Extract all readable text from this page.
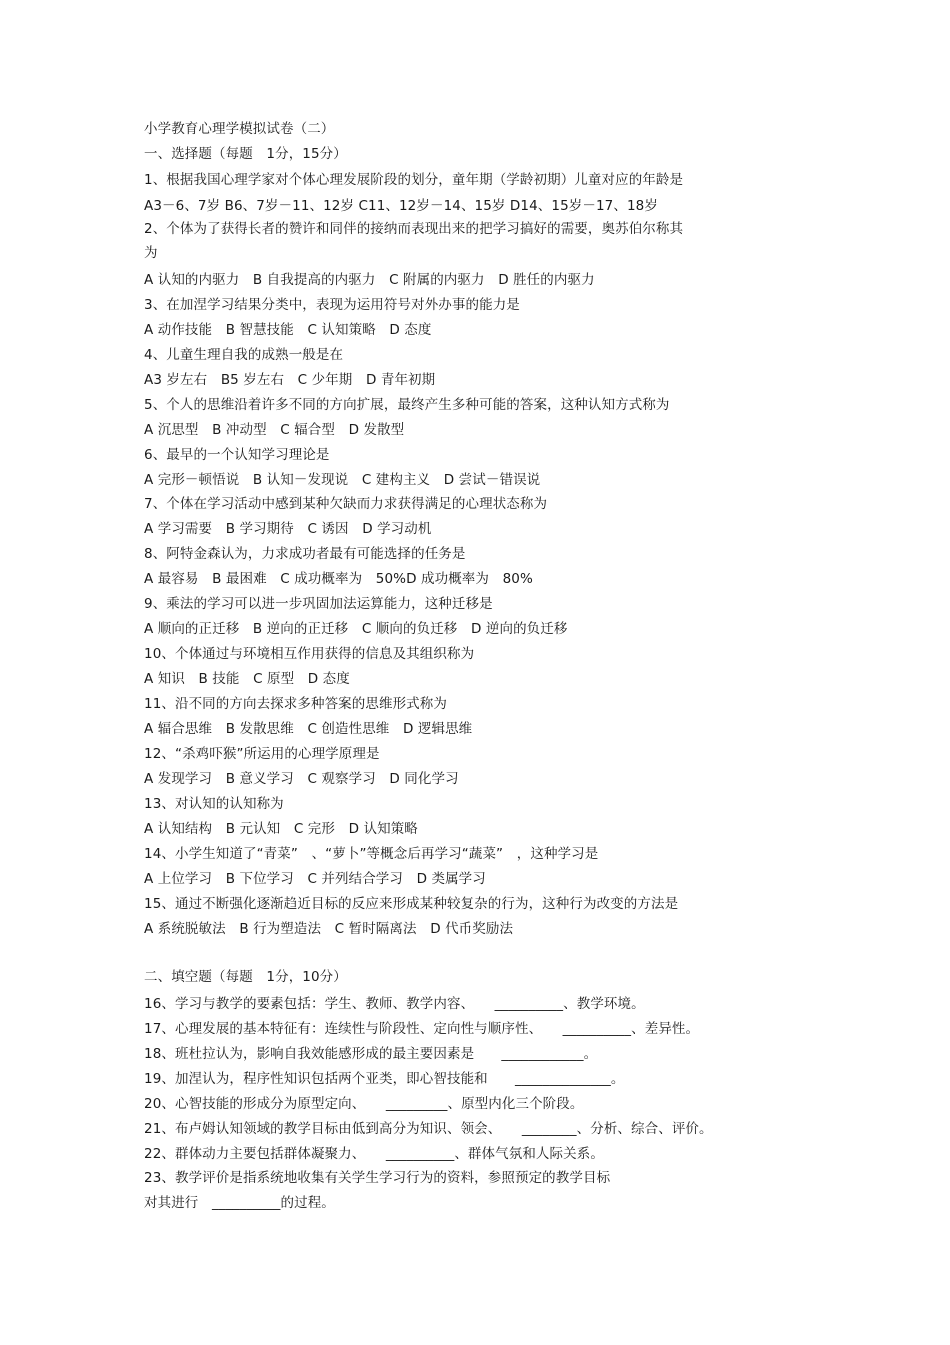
小学教育心理学模拟试卷（二）
一、选择题（每题　1分，15分）
1、根据我国心理学家对个体心理发展阶段的划分，童年期（学龄初期）儿童对应的年龄是
A3－6、7岁 B6、7岁－11、12岁 C11、12岁－14、15岁 D14、15岁－17、18岁
2、个体为了获得长者的赞许和同伴的接纳而表现出来的把学习搞好的需要，奥苏伯尔称其
为
A 认知的内驱力　B 自我提高的内驱力　C 附属的内驱力　D 胜任的内驱力
3、在加涅学习结果分类中，表现为运用符号对外办事的能力是
A 动作技能　B 智慧技能　C 认知策略　D 态度
4、儿童生理自我的成熟一般是在
A3 岁左右　B5 岁左右　C 少年期　D 青年初期
5、个人的思维沿着许多不同的方向扩展，最终产生多种可能的答案，这种认知方式称为
A 沉思型　B 冲动型　C 辐合型　D 发散型
6、最早的一个认知学习理论是
A 完形－顿悟说　B 认知－发现说　C 建构主义　D 尝试－错误说
7、个体在学习活动中感到某种欠缺而力求获得满足的心理状态称为
A 学习需要　B 学习期待　C 诱因　D 学习动机
8、阿特金森认为，力求成功者最有可能选择的任务是
A 最容易　B 最困难　C 成功概率为　50%D 成功概率为　80%
9、乘法的学习可以进一步巩固加法运算能力，这种迁移是
A 顺向的正迁移　B 逆向的正迁移　C 顺向的负迁移　D 逆向的负迁移
10、个体通过与环境相互作用获得的信息及其组织称为
A 知识　B 技能　C 原型　D 态度
11、沿不同的方向去探求多种答案的思维形式称为
A 辐合思维　B 发散思维　C 创造性思维　D 逻辑思维
12、“杀鸡吓猴”所运用的心理学原理是
A 发现学习　B 意义学习　C 观察学习　D 同化学习
13、对认知的认知称为
A 认知结构　B 元认知　C 完形　D 认知策略
14、小学生知道了“青菜”　、“萝卜”等概念后再学习“蔬菜”　，这种学习是
A 上位学习　B 下位学习　C 并列结合学习　D 类属学习
15、通过不断强化逐渐趋近目标的反应来形成某种较复杂的行为，这种行为改变的方法是
A 系统脱敏法　B 行为塑造法　C 暂时隔离法　D 代币奖励法
二、填空题（每题　1分，10分）
16、学习与教学的要素包括：学生、教师、教学内容、　　__________、教学环境。
17、心理发展的基本特征有：连续性与阶段性、定向性与顺序性、　　__________、差异性。
18、班杜拉认为，影响自我效能感形成的最主要因素是　　____________。
19、加涅认为，程序性知识包括两个亚类，即心智技能和　　______________。
20、心智技能的形成分为原型定向、　　_________、原型内化三个阶段。
21、布卢姆认知领域的教学目标由低到高分为知识、领会、　　________、分析、综合、评价。
22、群体动力主要包括群体凝聚力、　　__________、群体气氛和人际关系。
23、教学评价是指系统地收集有关学生学习行为的资料，参照预定的教学目标
对其进行　__________的过程。
